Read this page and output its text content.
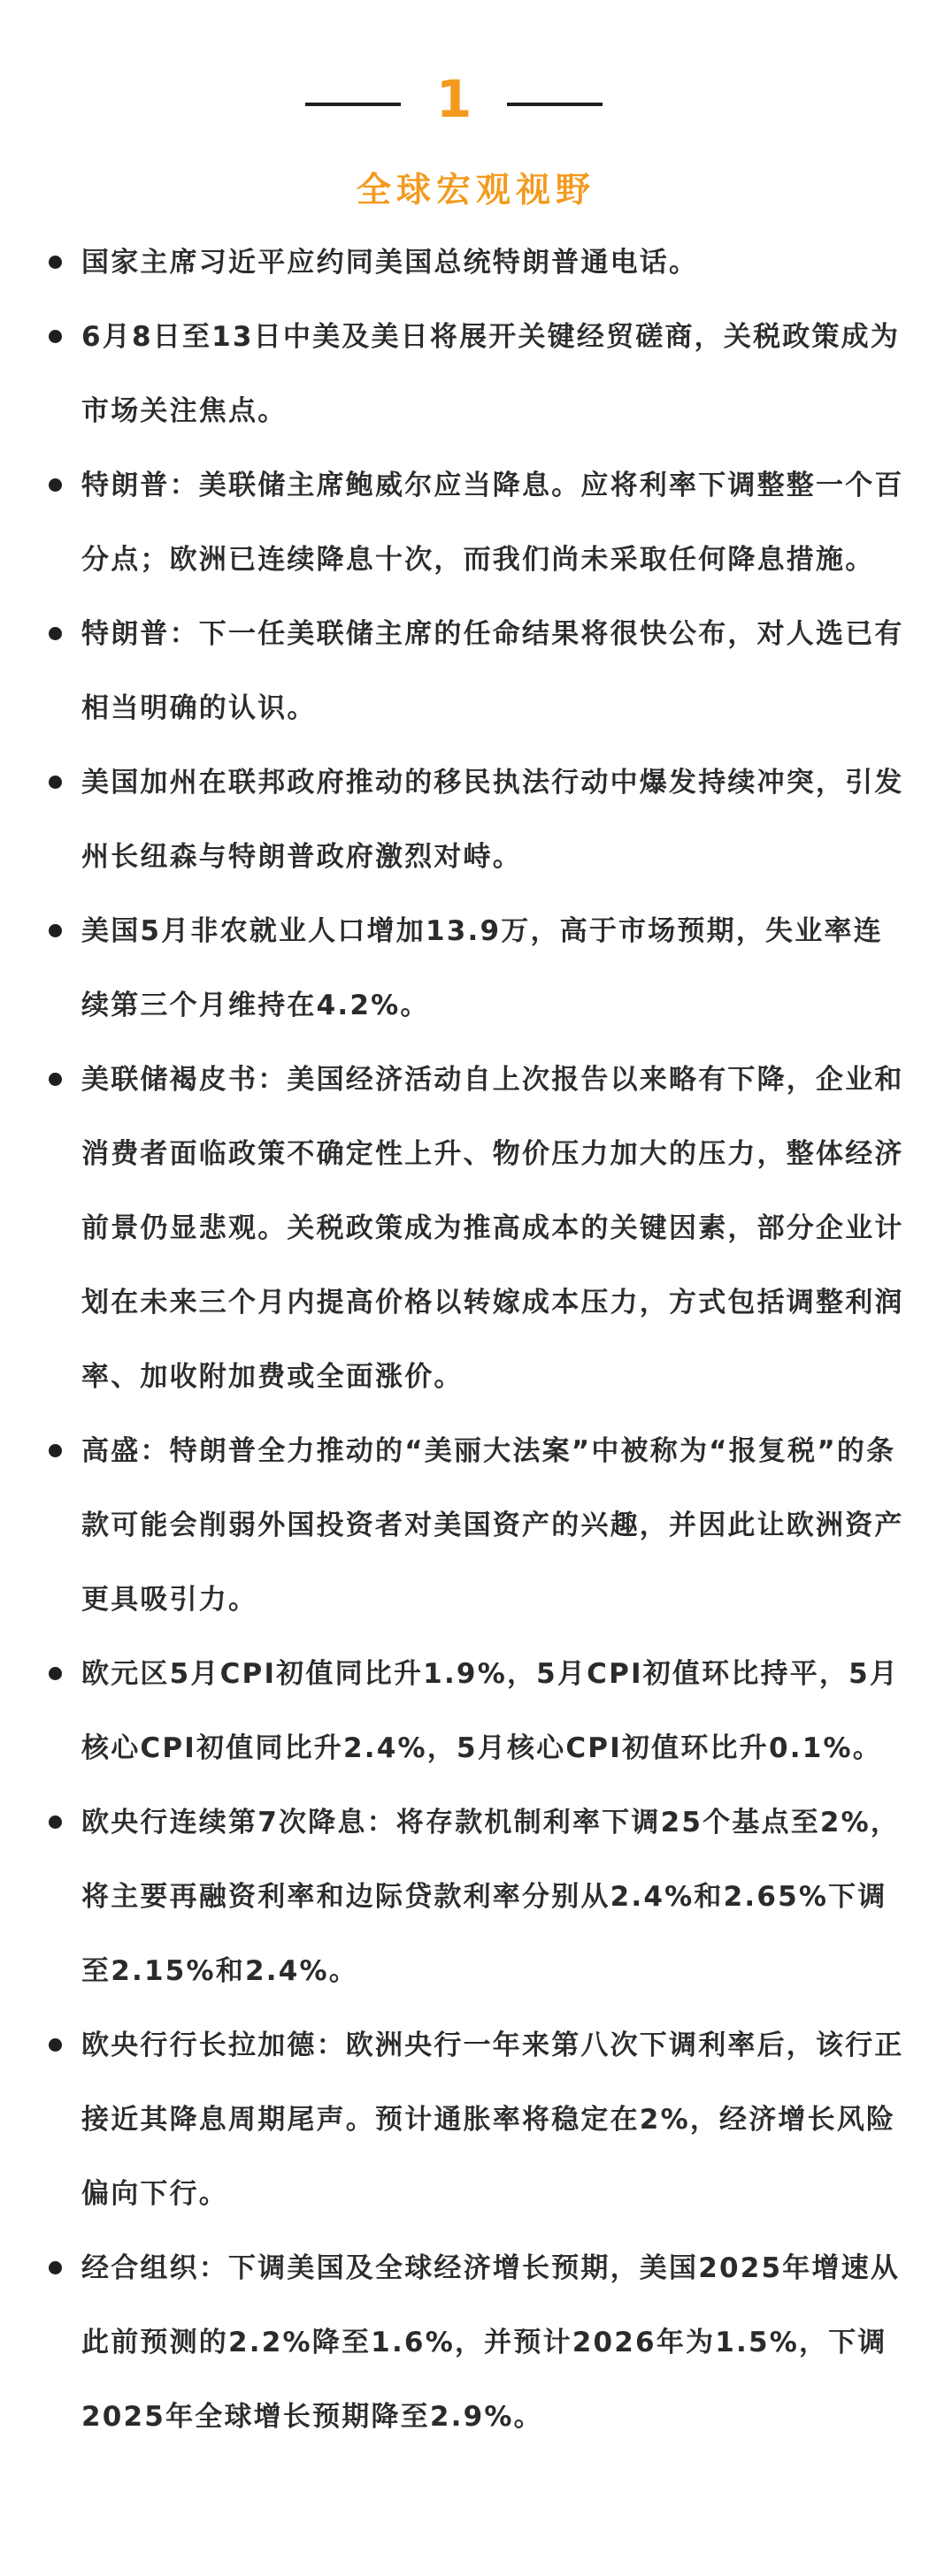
1
全球宏观视野
国家主席习近平应约同美国总统特朗普通电话。
6月8日至13日中美及美日将展开关键经贸磋商，关税政策成为市场关注焦点。
特朗普：美联储主席鲍威尔应当降息。应将利率下调整整一个百分点；欧洲已连续降息十次，而我们尚未采取任何降息措施。
特朗普：下一任美联储主席的任命结果将很快公布，对人选已有相当明确的认识。
美国加州在联邦政府推动的移民执法行动中爆发持续冲突，引发州长纽森与特朗普政府激烈对峙。
美国5月非农就业人口增加13.9万，高于市场预期，失业率连续第三个月维持在4.2%。
美联储褐皮书：美国经济活动自上次报告以来略有下降，企业和消费者面临政策不确定性上升、物价压力加大的压力，整体经济前景仍显悲观。关税政策成为推高成本的关键因素，部分企业计划在未来三个月内提高价格以转嫁成本压力，方式包括调整利润率、加收附加费或全面涨价。
高盛：特朗普全力推动的“美丽大法案”中被称为“报复税”的条款可能会削弱外国投资者对美国资产的兴趣，并因此让欧洲资产更具吸引力。
欧元区5月CPI初值同比升1.9%，5月CPI初值环比持平，5月核心CPI初值同比升2.4%，5月核心CPI初值环比升0.1%。
欧央行连续第7次降息：将存款机制利率下调25个基点至2%，将主要再融资利率和边际贷款利率分别从2.4%和2.65%下调至2.15%和2.4%。
欧央行行长拉加德：欧洲央行一年来第八次下调利率后，该行正接近其降息周期尾声。预计通胀率将稳定在2%，经济增长风险偏向下行。
经合组织：下调美国及全球经济增长预期，美国2025年增速从此前预测的2.2%降至1.6%，并预计2026年为1.5%，下调2025年全球增长预期降至2.9%。
